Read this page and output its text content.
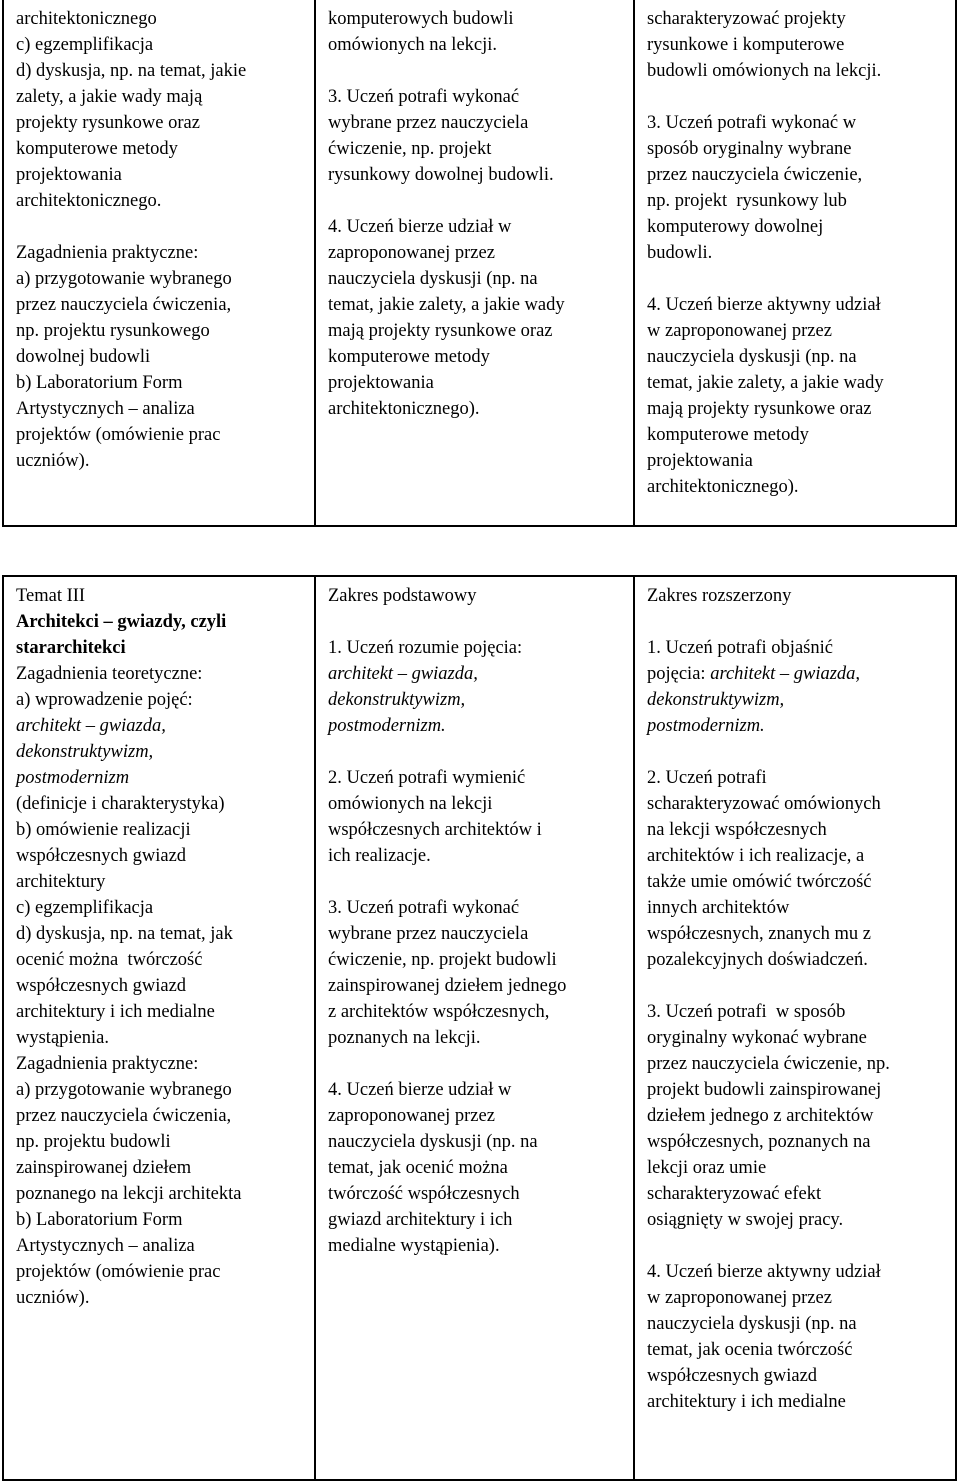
architektonicznego
c) egzemplifikacja
d) dyskusja, np. na temat, jakie
zalety, a jakie wady mają
projekty rysunkowe oraz
komputerowe metody
projektowania
architektonicznego.
Zagadnienia praktyczne:
a) przygotowanie wybranego
przez nauczyciela ćwiczenia,
np. projektu rysunkowego
dowolnej budowli
b) Laboratorium Form
Artystycznych – analiza
projektów (omówienie prac
uczniów).

komputerowych budowli
omówionych na lekcji.
3. Uczeń potrafi wykonać
wybrane przez nauczyciela
ćwiczenie, np. projekt
rysunkowy dowolnej budowli.
4. Uczeń bierze udział w
zaproponowanej przez
nauczyciela dyskusji (np. na
temat, jakie zalety, a jakie wady
mają projekty rysunkowe oraz
komputerowe metody
projektowania
architektonicznego).

scharakteryzować projekty
rysunkowe i komputerowe
budowli omówionych na lekcji.
3. Uczeń potrafi wykonać w
sposób oryginalny wybrane
przez nauczyciela ćwiczenie,
np. projekt  rysunkowy lub
komputerowy dowolnej
budowli.
4. Uczeń bierze aktywny udział
w zaproponowanej przez
nauczyciela dyskusji (np. na
temat, jakie zalety, a jakie wady
mają projekty rysunkowe oraz
komputerowe metody
projektowania
architektonicznego).
Temat III
Architekci – gwiazdy, czyli
stararchitekci
Zagadnienia teoretyczne:
a) wprowadzenie pojęć:
architekt – gwiazda,
dekonstruktywizm,
postmodernizm
(definicje i charakterystyka)
b) omówienie realizacji
współczesnych gwiazd
architektury
c) egzemplifikacja
d) dyskusja, np. na temat, jak
ocenić można  twórczość
współczesnych gwiazd
architektury i ich medialne
wystąpienia.
Zagadnienia praktyczne:
a) przygotowanie wybranego
przez nauczyciela ćwiczenia,
np. projektu budowli
zainspirowanej dziełem
poznanego na lekcji architekta
b) Laboratorium Form
Artystycznych – analiza
projektów (omówienie prac
uczniów).

Zakres podstawowy
1. Uczeń rozumie pojęcia:
architekt – gwiazda,
dekonstruktywizm,
postmodernizm.
2. Uczeń potrafi wymienić
omówionych na lekcji
współczesnych architektów i
ich realizacje.
3. Uczeń potrafi wykonać
wybrane przez nauczyciela
ćwiczenie, np. projekt budowli
zainspirowanej dziełem jednego
z architektów współczesnych,
poznanych na lekcji.
4. Uczeń bierze udział w
zaproponowanej przez
nauczyciela dyskusji (np. na
temat, jak ocenić można
twórczość współczesnych
gwiazd architektury i ich
medialne wystąpienia).

Zakres rozszerzony
1. Uczeń potrafi objaśnić
pojęcia: architekt – gwiazda,
dekonstruktywizm,
postmodernizm.
2. Uczeń potrafi
scharakteryzować omówionych
na lekcji współczesnych
architektów i ich realizacje, a
także umie omówić twórczość
innych architektów
współczesnych, znanych mu z
pozalekcyjnych doświadczeń.
3. Uczeń potrafi  w sposób
oryginalny wykonać wybrane
przez nauczyciela ćwiczenie, np.
projekt budowli zainspirowanej
dziełem jednego z architektów
współczesnych, poznanych na
lekcji oraz umie
scharakteryzować efekt
osiągnięty w swojej pracy.
4. Uczeń bierze aktywny udział
w zaproponowanej przez
nauczyciela dyskusji (np. na
temat, jak ocenia twórczość
współczesnych gwiazd
architektury i ich medialne
